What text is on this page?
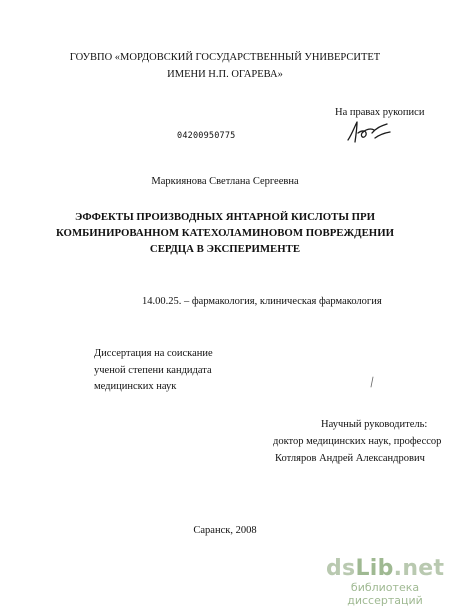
ГОУВПО «МОРДОВСКИЙ ГОСУДАРСТВЕННЫЙ УНИВЕРСИТЕТ
ИМЕНИ Н.П. ОГАРЕВА»
На правах рукописи
04200950775
Маркиянова Светлана Сергеевна
ЭФФЕКТЫ ПРОИЗВОДНЫХ ЯНТАРНОЙ КИСЛОТЫ ПРИ
КОМБИНИРОВАННОМ КАТЕХОЛАМИНОВОМ ПОВРЕЖДЕНИИ
СЕРДЦА В ЭКСПЕРИМЕНТЕ
14.00.25. – фармакология, клиническая фармакология
Диссертация на соискание
ученой степени кандидата
медицинских наук
Научный руководитель:
доктор медицинских наук, профессор
Котляров Андрей Александрович
Саранск, 2008
dsLib.net
библиотека диссертаций
